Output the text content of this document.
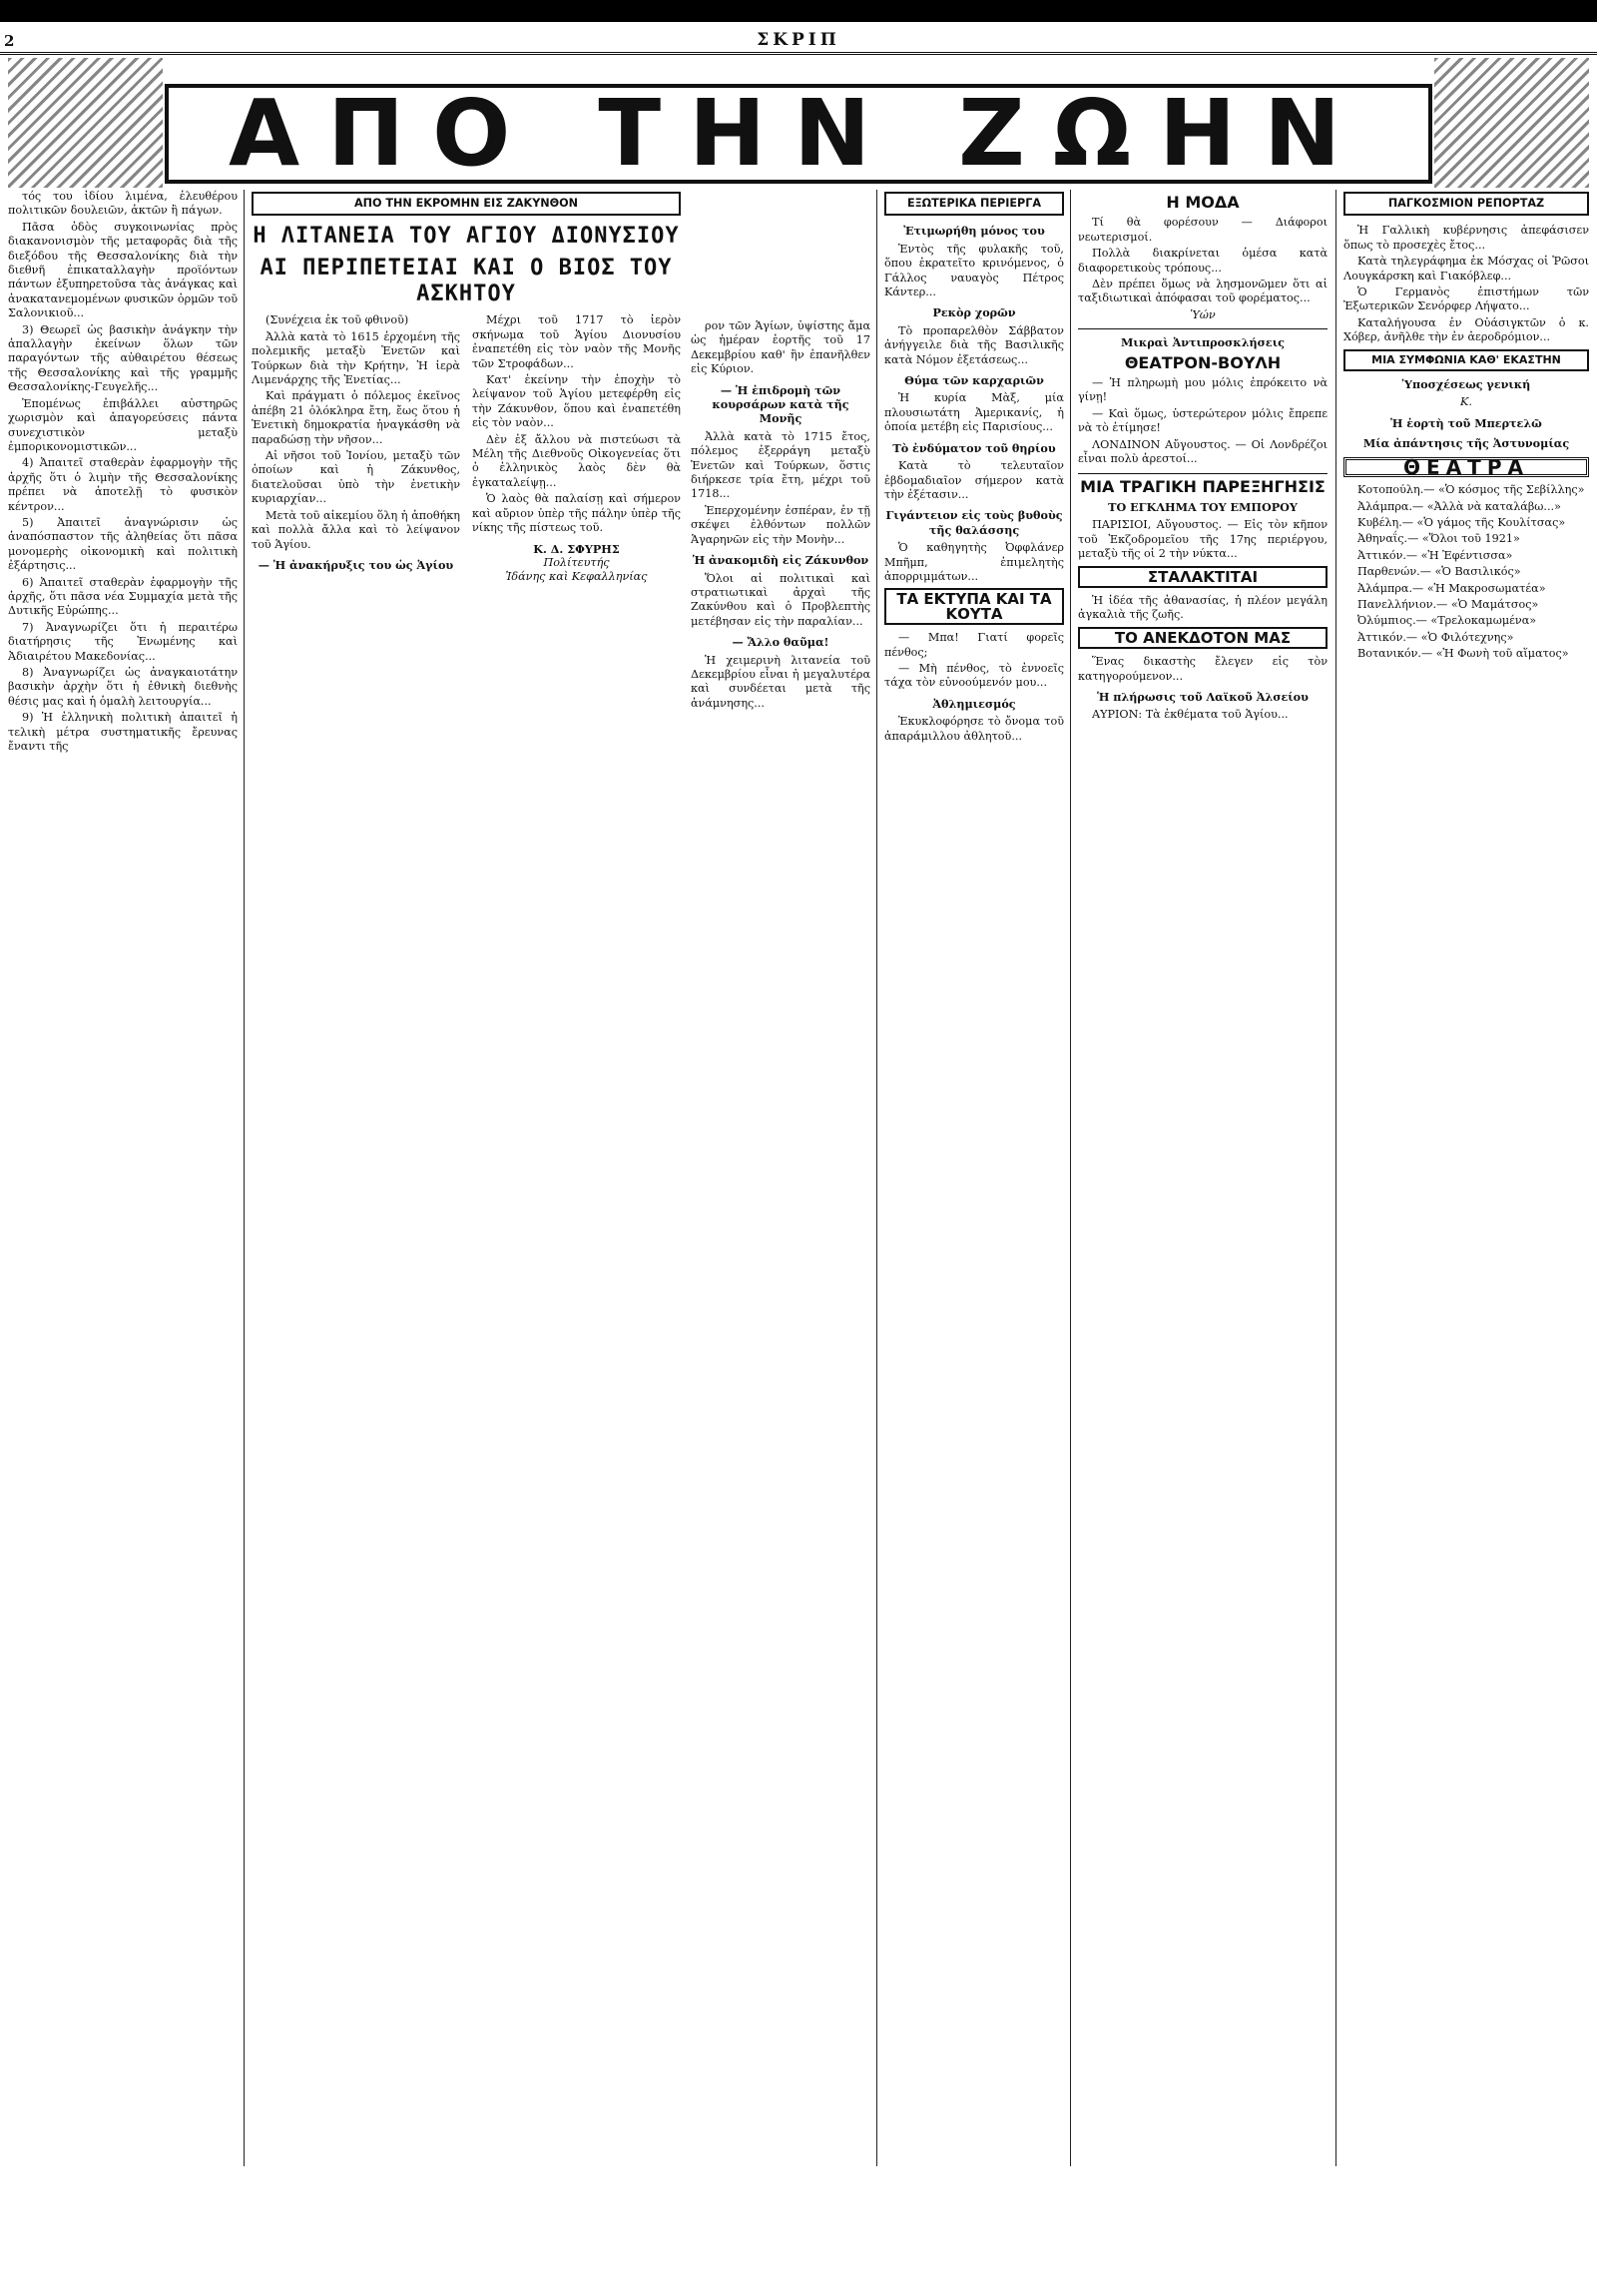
2	ΣΚΡΙΠ
ΑΠΟ ΤΗΝ ΖΩΗΝ

τός του ἰδίου λιμένα, ἐλευθέρου πολιτικῶν δουλειῶν, ἀκτῶν ἢ πάγων.

Πᾶσα ὁδὸς συγκοινωνίας πρὸς διακανονισμὸν τῆς μεταφορᾶς διὰ τῆς διεξόδου τῆς Θεσσαλονίκης διὰ τὴν διεθνῆ ἐπικαταλλαγὴν προϊόντων πάντων ἐξυπηρετοῦσα τὰς ἀνάγκας καὶ ἀνακατανεμομένων φυσικῶν ὁρμῶν τοῦ Σαλονικιοῦ...

3) Θεωρεῖ ὡς βασικὴν ἀνάγκην τὴν ἀπαλλαγὴν ἐκείνων ὅλων τῶν παραγόντων τῆς αὐθαιρέτου θέσεως τῆς Θεσσαλονίκης καὶ τῆς γραμμῆς Θεσσαλονίκης-Γευγελῆς...

Ἐπομένως ἐπιβάλλει αὐστηρῶς χωρισμὸν καὶ ἀπαγορεύσεις πάντα συνεχιστικὸν μεταξὺ ἐμπορικονομιστικῶν...

4) Ἀπαιτεῖ σταθερὰν ἐφαρμογὴν τῆς ἀρχῆς ὅτι ὁ λιμὴν τῆς Θεσσαλονίκης πρέπει νὰ ἀποτελῇ τὸ φυσικὸν κέντρον...

5) Ἀπαιτεῖ ἀναγνώρισιν ὡς ἀναπόσπαστον τῆς ἀληθείας ὅτι πᾶσα μονομερὴς οἰκονομικὴ καὶ πολιτικὴ ἐξάρτησις...

6) Ἀπαιτεῖ σταθερὰν ἐφαρμογὴν τῆς ἀρχῆς, ὅτι πᾶσα νέα Συμμαχία μετὰ τῆς Δυτικῆς Εὐρώπης...

7) Ἀναγνωρίζει ὅτι ἡ περαιτέρω διατήρησις τῆς Ἑνωμένης καὶ Ἀδιαιρέτου Μακεδονίας...

8) Ἀναγνωρίζει ὡς ἀναγκαιοτάτην βασικὴν ἀρχὴν ὅτι ἡ ἐθνικὴ διεθνὴς θέσις μας καὶ ἡ ὁμαλὴ λειτουργία...

9) Ἡ ἑλληνικὴ πολιτικὴ ἀπαιτεῖ ἡ τελικὴ μέτρα συστηματικῆς ἔρευνας ἔναντι τῆς

ΑΠΟ ΤΗΝ ΕΚΡΟΜΗΝ ΕΙΣ ΖΑΚΥΝΘΟΝ
Η ΛΙΤΑΝΕΙΑ ΤΟΥ ΑΓΙΟΥ ΔΙΟΝΥΣΙΟΥ
ΑΙ ΠΕΡΙΠΕΤΕΙΑΙ ΚΑΙ Ο ΒΙΟΣ ΤΟΥ ΑΣΚΗΤΟΥ

(Συνέχεια ἐκ τοῦ φθινοῦ)

Ἀλλὰ κατὰ τὸ 1615 ἐρχομένη τῆς πολεμικῆς μεταξὺ Ἑνετῶν καὶ Τούρκων διὰ τὴν Κρήτην, Ἡ ἱερὰ Λιμενάρχης τῆς Ἑνετίας...

Καὶ πράγματι ὁ πόλεμος ἐκεῖνος ἀπέβη 21 ὁλόκληρα ἔτη, ἔως ὅτου ἡ Ἑνετικὴ δημοκρατία ἠναγκάσθη νὰ παραδώσῃ τὴν νῆσον...

Αἱ νῆσοι τοῦ Ἰονίου, μεταξὺ τῶν ὁποίων καὶ ἡ Ζάκυνθος, διατελοῦσαι ὑπὸ τὴν ἐνετικὴν κυριαρχίαν...

Μετὰ τοῦ αἰκεμίου ὅλη ἡ ἀποθήκη καὶ πολλὰ ἄλλα καὶ τὸ λείψανον τοῦ Ἁγίου.

— Ἡ ἀνακήρυξις του ὡς Ἁγίου

Μέχρι τοῦ 1717 τὸ ἱερὸν σκήνωμα τοῦ Ἁγίου Διονυσίου ἐναπετέθη εἰς τὸν ναὸν τῆς Μονῆς τῶν Στροφάδων...

Κατ' ἐκείνην τὴν ἐποχὴν τὸ λείψανον τοῦ Ἁγίου μετεφέρθη εἰς τὴν Ζάκυνθον, ὅπου καὶ ἐναπετέθη εἰς τὸν ναὸν...

Δὲν ἐξ ἄλλου νὰ πιστεύωσι τὰ Μέλη τῆς Διεθνοῦς Οἰκογενείας ὅτι ὁ ἐλληνικὸς λαὸς δὲν θὰ ἐγκαταλείψῃ...

Ὁ λαὸς θὰ παλαίσῃ καὶ σήμερον καὶ αὔριον ὑπὲρ τῆς πάλην ὑπὲρ τῆς νίκης τῆς πίστεως τοῦ.

Κ. Δ. ΣΦΥΡΗΣ
Πολίτευτής
Ἰδάνης καὶ Κεφαλληνίας

ρον τῶν Ἁγίων, ὑψίστης ἄμα ὡς ἡμέραν ἑορτῆς τοῦ 17 Δεκεμβρίου καθ' ἣν ἐπανῆλθεν εἰς Κύριον.

— Ἡ ἐπιδρομὴ τῶν κουρσάρων κατὰ τῆς Μονῆς

Ἀλλὰ κατὰ τὸ 1715 ἔτος, πόλεμος ἐξερράγη μεταξὺ Ἑνετῶν καὶ Τούρκων, ὅστις διήρκεσε τρία ἔτη, μέχρι τοῦ 1718...

Ἐπερχομένην ἐσπέραν, ἐν τῇ σκέψει ἐλθόντων πολλῶν Ἁγαρηνῶν εἰς τὴν Μονὴν...

Ἡ ἀνακομιδὴ εἰς Ζάκυνθον

Ὅλοι αἱ πολιτικαὶ καὶ στρατιωτικαὶ ἀρχαὶ τῆς Ζακύνθου καὶ ὁ Προβλεπτὴς μετέβησαν εἰς τὴν παραλίαν...

— Ἄλλο θαῦμα!

Ἡ χειμερινὴ λιτανεία τοῦ Δεκεμβρίου εἶναι ἡ μεγαλυτέρα καὶ συνδέεται μετὰ τῆς ἀνάμνησης...

ΕΞΩΤΕΡΙΚΑ ΠΕΡΙΕΡΓΑ
Ἐτιμωρήθη μόνος του

Ἐντὸς τῆς φυλακῆς τοῦ, ὅπου ἐκρατεῖτο κρινόμενος, ὁ Γάλλος ναυαγὸς Πέτρος Κάντερ...

Ρεκὸρ χορῶν

Τὸ προπαρελθὸν Σάββατον ἀνήγγειλε διὰ τῆς Βασιλικῆς κατὰ Νόμον ἐξετάσεως...

Θύμα τῶν καρχαριῶν

Ἡ κυρία Μὰξ, μία πλουσιωτάτη Ἀμερικανίς, ἡ ὁποία μετέβη εἰς Παρισίους...

Τὸ ἐνδύματον τοῦ θηρίου

Κατὰ τὸ τελευταῖον ἑβδομαδιαῖον σήμερον κατὰ τὴν ἐξέτασιν...

Γιγάντειον εἰς τοὺς βυθοὺς τῆς θαλάσσης

Ὁ καθηγητὴς Ὀφφλάνερ Μπῆμπ, ἐπιμελητὴς ἀπορριμμάτων...

ΤΑ ΕΚΤΥΠΑ ΚΑΙ ΤΑ ΚΟΥΤΑ

— Μπα! Γιατί φορεῖς πένθος;

— Μὴ πένθος, τὸ ἐννοεῖς τάχα τὸν εὐνοούμενόν μου...

Ἀθλημιεσμός

Ἐκυκλοφόρησε τὸ ὄνομα τοῦ ἀπαράμιλλου ἀθλητοῦ...

Η ΜΟΔΑ

Τί θὰ φορέσουν — Διάφοροι νεωτερισμοί.

Πολλὰ διακρίνεται ὁμέσα κατὰ διαφορετικοὺς τρόπους...

Δὲν πρέπει ὅμως νὰ λησμονῶμεν ὅτι αἱ ταξιδιωτικαὶ ἀπόφασαι τοῦ φορέματος...

Ὑών
Μικραὶ Ἀντιπροσκλήσεις
ΘΕΑΤΡΟΝ-ΒΟΥΛΗ

— Ἡ πληρωμὴ μου μόλις ἐπρόκειτο νὰ γίνῃ!

— Καὶ ὅμως, ὑστερώτερον μόλις ἔπρεπε νὰ τὸ ἐτίμησε!

ΛΟΝΔΙΝΟΝ Αὔγουστος. — Οἱ Λονδρέζοι εἶναι πολὺ ἀρεστοί...

ΜΙΑ ΤΡΑΓΙΚΗ ΠΑΡΕΞΗΓΗΣΙΣ
ΤΟ ΕΓΚΛΗΜΑ ΤΟΥ ΕΜΠΟΡΟΥ

ΠΑΡΙΣΙΟΙ, Αὔγουστος. — Εἰς τὸν κῆπον τοῦ Ἐκζοδρομεῖου τῆς 17ης περιέργου, μεταξὺ τῆς οἱ 2 τὴν νύκτα...

ΣΤΑΛΑΚΤΙΤΑΙ

Ἡ ἰδέα τῆς ἀθανασίας, ἡ πλέον μεγάλη ἀγκαλιὰ τῆς ζωῆς.

ΤΟ ΑΝΕΚΔΟΤΟΝ ΜΑΣ

Ἕνας δικαστὴς ἔλεγεν εἰς τὸν κατηγορούμενον...

Ἡ πλήρωσις τοῦ Λαϊκοῦ Ἀλσείου

ΑΥΡΙΟΝ: Τὰ ἐκθέματα τοῦ Ἁγίου...

ΠΑΓΚΟΣΜΙΟΝ ΡΕΠΟΡΤΑΖ

Ἡ Γαλλικὴ κυβέρνησις ἀπεφάσισεν ὅπως τὸ προσεχὲς ἔτος...

Κατὰ τηλεγράφημα ἐκ Μόσχας οἱ Ῥῶσοι Λουγκάρσκη καὶ Γιακόβλεφ...

Ὁ Γερμανὸς ἐπιστήμων τῶν Ἐξωτερικῶν Σενόρφερ Λήψατο...

Καταλήγουσα ἐν Οὐάσιγκτῶν ὁ κ. Χόβερ, ἀνῆλθε τὴν ἐν ἀεροδρόμιον...

ΜΙΑ ΣΥΜΦΩΝΙΑ ΚΑΘ' ΕΚΑΣΤΗΝ
Ὑποσχέσεως γενική
Κ.
Ἡ ἐορτὴ τοῦ Μπερτελῶ
Μία ἀπάντησις τῆς Ἀστυνομίας
ΘΕΑΤΡΑ

Κοτοπούλη.— «Ὁ κόσμος τῆς Σεβίλλης»

Ἀλάμπρα.— «Ἀλλὰ νὰ καταλάβω...»

Κυβέλη.— «Ὁ γάμος τῆς Κουλίτσας»

Ἀθηναΐς.— «Ὅλοι τοῦ 1921»

Ἀττικόν.— «Ἡ Ἐφέντισσα»

Παρθενών.— «Ὁ Βασιλικός»

Ἀλάμπρα.— «Ἡ Μακροσωματέα»

Πανελλήνιον.— «Ὁ Μαμάτσος»

Ὀλύμπιος.— «Τρελοκαμωμένα»

Ἀττικόν.— «Ὁ Φιλότεχνης»

Βοτανικόν.— «Ἡ Φωνὴ τοῦ αἵματος»
